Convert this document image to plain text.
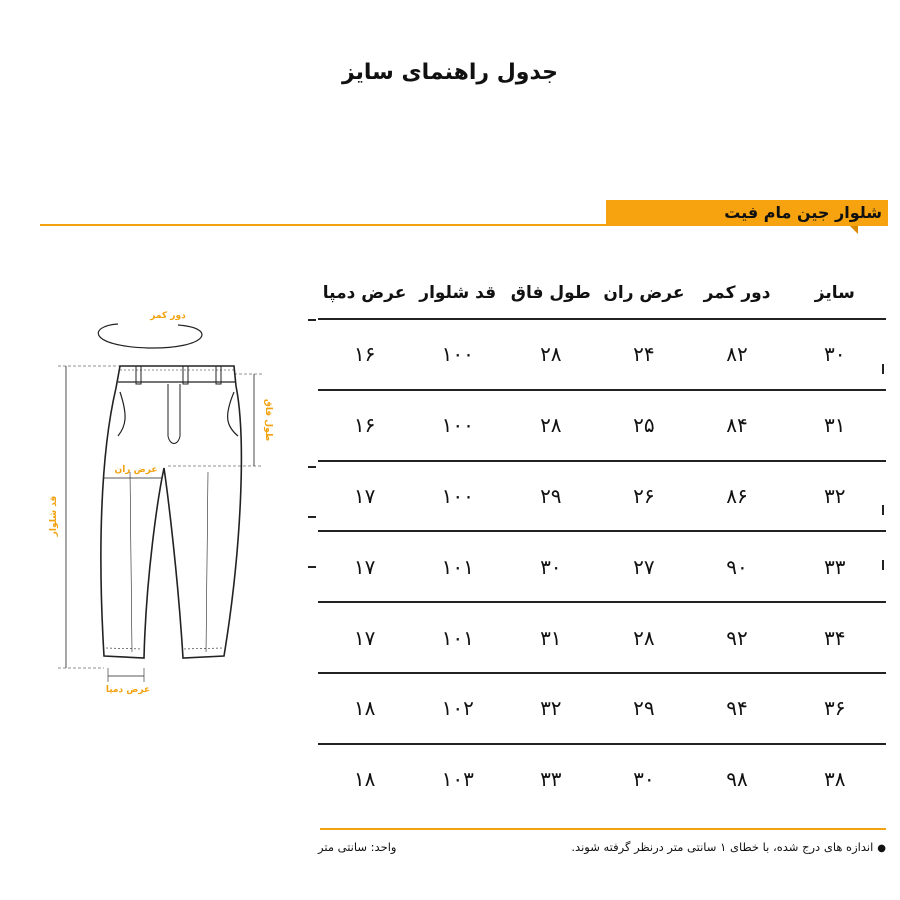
جدول راهنمای سایز
شلوار جین مام فیت
سایز
دور کمر
عرض ران
طول فاق
قد شلوار
عرض دمپا
۳۰
۸۲
۲۴
۲۸
۱۰۰
۱۶
۳۱
۸۴
۲۵
۲۸
۱۰۰
۱۶
۳۲
۸۶
۲۶
۲۹
۱۰۰
۱۷
۳۳
۹۰
۲۷
۳۰
۱۰۱
۱۷
۳۴
۹۲
۲۸
۳۱
۱۰۱
۱۷
۳۶
۹۴
۲۹
۳۲
۱۰۲
۱۸
۳۸
۹۸
۳۰
۳۳
۱۰۳
۱۸
●اندازه های درج شده، با خطای ۱ سانتی متر درنظر گرفته شوند.
واحد: سانتی متر
دور کمر
قد شلوار
طول فاق
عرض ران
عرض دمپا
